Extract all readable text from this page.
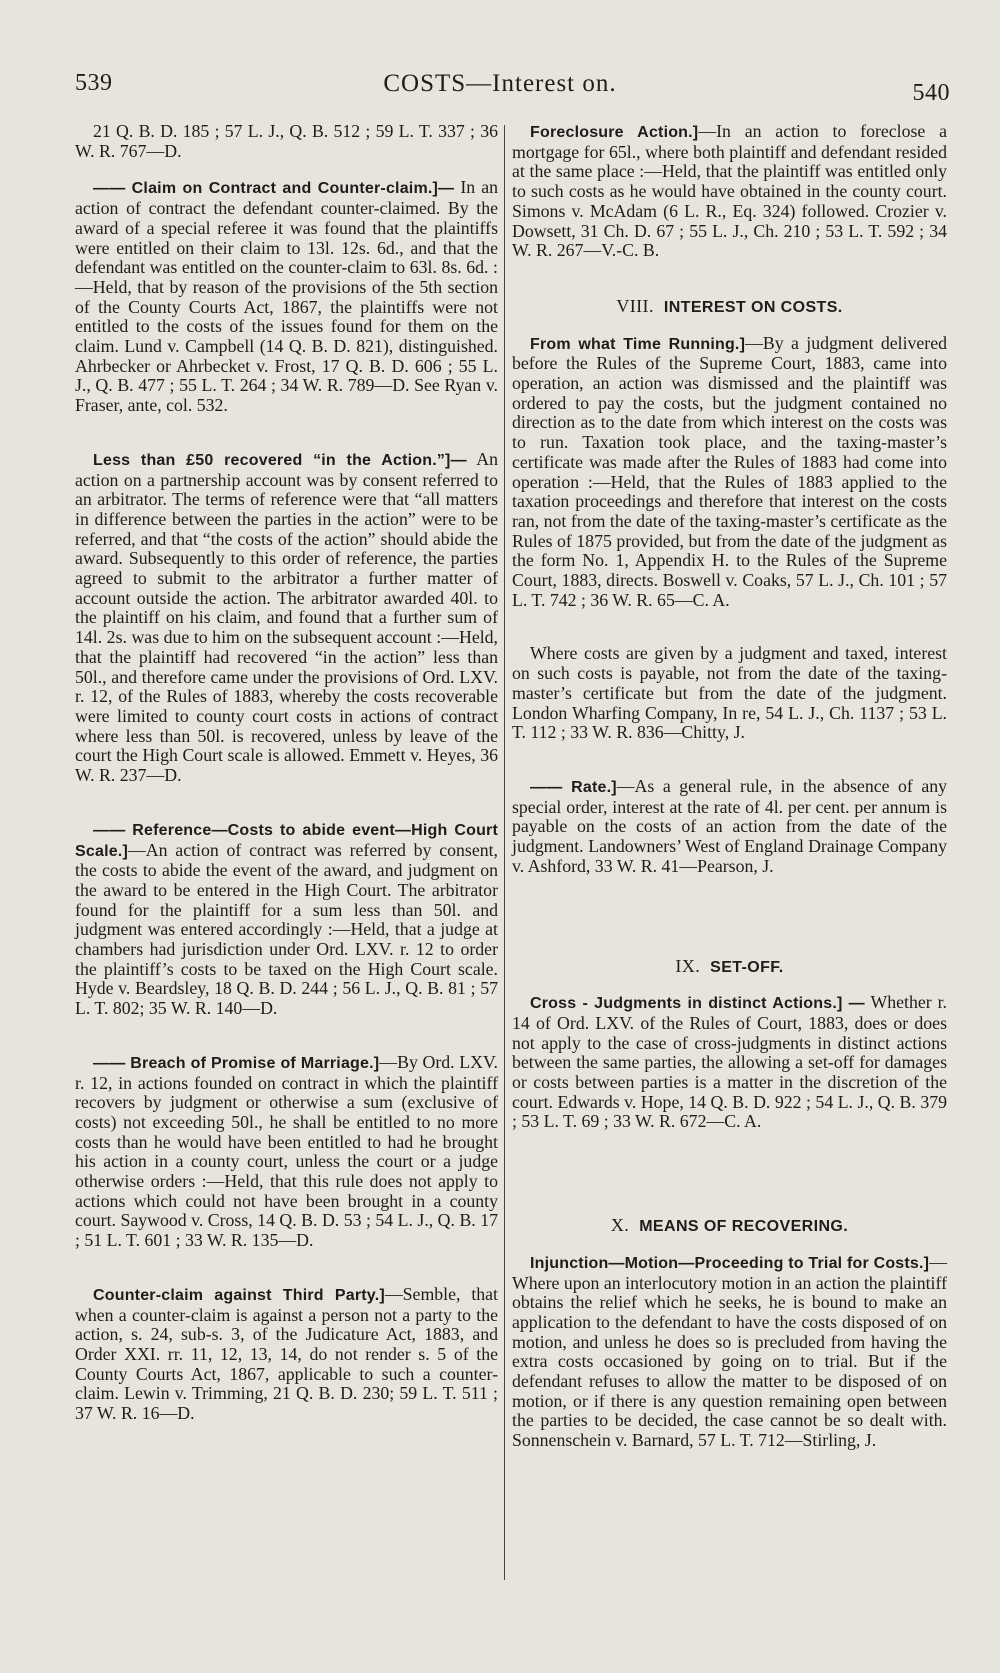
539	COSTS—Interest on.	540

21 Q. B. D. 185 ; 57 L. J., Q. B. 512 ; 59 L. T. 337 ; 36 W. R. 767—D.

—— Claim on Contract and Counter-claim.]— In an action of contract the defendant counter-claimed. By the award of a special referee it was found that the plaintiffs were entitled on their claim to 13l. 12s. 6d., and that the defendant was entitled on the counter-claim to 63l. 8s. 6d. :—Held, that by reason of the provisions of the 5th section of the County Courts Act, 1867, the plaintiffs were not entitled to the costs of the issues found for them on the claim. Lund v. Campbell (14 Q. B. D. 821), distinguished. Ahrbecker or Ahrbecket v. Frost, 17 Q. B. D. 606 ; 55 L. J., Q. B. 477 ; 55 L. T. 264 ; 34 W. R. 789—D. See Ryan v. Fraser, ante, col. 532.

Less than £50 recovered “in the Action.”]— An action on a partnership account was by consent referred to an arbitrator. The terms of reference were that “all matters in difference between the parties in the action” were to be referred, and that “the costs of the action” should abide the award. Subsequently to this order of reference, the parties agreed to submit to the arbitrator a further matter of account outside the action. The arbitrator awarded 40l. to the plaintiff on his claim, and found that a further sum of 14l. 2s. was due to him on the subsequent account :—Held, that the plaintiff had recovered “in the action” less than 50l., and therefore came under the provisions of Ord. LXV. r. 12, of the Rules of 1883, whereby the costs recoverable were limited to county court costs in actions of contract where less than 50l. is recovered, unless by leave of the court the High Court scale is allowed. Emmett v. Heyes, 36 W. R. 237—D.

—— Reference—Costs to abide event—High Court Scale.]—An action of contract was referred by consent, the costs to abide the event of the award, and judgment on the award to be entered in the High Court. The arbitrator found for the plaintiff for a sum less than 50l. and judgment was entered accordingly :—Held, that a judge at chambers had jurisdiction under Ord. LXV. r. 12 to order the plaintiff’s costs to be taxed on the High Court scale. Hyde v. Beardsley, 18 Q. B. D. 244 ; 56 L. J., Q. B. 81 ; 57 L. T. 802; 35 W. R. 140—D.

—— Breach of Promise of Marriage.]—By Ord. LXV. r. 12, in actions founded on contract in which the plaintiff recovers by judgment or otherwise a sum (exclusive of costs) not exceeding 50l., he shall be entitled to no more costs than he would have been entitled to had he brought his action in a county court, unless the court or a judge otherwise orders :—Held, that this rule does not apply to actions which could not have been brought in a county court. Saywood v. Cross, 14 Q. B. D. 53 ; 54 L. J., Q. B. 17 ; 51 L. T. 601 ; 33 W. R. 135—D.

Counter-claim against Third Party.]—Semble, that when a counter-claim is against a person not a party to the action, s. 24, sub-s. 3, of the Judicature Act, 1883, and Order XXI. rr. 11, 12, 13, 14, do not render s. 5 of the County Courts Act, 1867, applicable to such a counter-claim. Lewin v. Trimming, 21 Q. B. D. 230; 59 L. T. 511 ; 37 W. R. 16—D.

Foreclosure Action.]—In an action to foreclose a mortgage for 65l., where both plaintiff and defendant resided at the same place :—Held, that the plaintiff was entitled only to such costs as he would have obtained in the county court. Simons v. McAdam (6 L. R., Eq. 324) followed. Crozier v. Dowsett, 31 Ch. D. 67 ; 55 L. J., Ch. 210 ; 53 L. T. 592 ; 34 W. R. 267—V.-C. B.

VIII. INTEREST ON COSTS.

From what Time Running.]—By a judgment delivered before the Rules of the Supreme Court, 1883, came into operation, an action was dismissed and the plaintiff was ordered to pay the costs, but the judgment contained no direction as to the date from which interest on the costs was to run. Taxation took place, and the taxing-master’s certificate was made after the Rules of 1883 had come into operation :—Held, that the Rules of 1883 applied to the taxation proceedings and therefore that interest on the costs ran, not from the date of the taxing-master’s certificate as the Rules of 1875 provided, but from the date of the judgment as the form No. 1, Appendix H. to the Rules of the Supreme Court, 1883, directs. Boswell v. Coaks, 57 L. J., Ch. 101 ; 57 L. T. 742 ; 36 W. R. 65—C. A.

Where costs are given by a judgment and taxed, interest on such costs is payable, not from the date of the taxing-master’s certificate but from the date of the judgment. London Wharfing Company, In re, 54 L. J., Ch. 1137 ; 53 L. T. 112 ; 33 W. R. 836—Chitty, J.

—— Rate.]—As a general rule, in the absence of any special order, interest at the rate of 4l. per cent. per annum is payable on the costs of an action from the date of the judgment. Landowners’ West of England Drainage Company v. Ashford, 33 W. R. 41—Pearson, J.

IX. SET-OFF.

Cross - Judgments in distinct Actions.] — Whether r. 14 of Ord. LXV. of the Rules of Court, 1883, does or does not apply to the case of cross-judgments in distinct actions between the same parties, the allowing a set-off for damages or costs between parties is a matter in the discretion of the court. Edwards v. Hope, 14 Q. B. D. 922 ; 54 L. J., Q. B. 379 ; 53 L. T. 69 ; 33 W. R. 672—C. A.

X. MEANS OF RECOVERING.

Injunction—Motion—Proceeding to Trial for Costs.]—Where upon an interlocutory motion in an action the plaintiff obtains the relief which he seeks, he is bound to make an application to the defendant to have the costs disposed of on motion, and unless he does so is precluded from having the extra costs occasioned by going on to trial. But if the defendant refuses to allow the matter to be disposed of on motion, or if there is any question remaining open between the parties to be decided, the case cannot be so dealt with. Sonnenschein v. Barnard, 57 L. T. 712—Stirling, J.
